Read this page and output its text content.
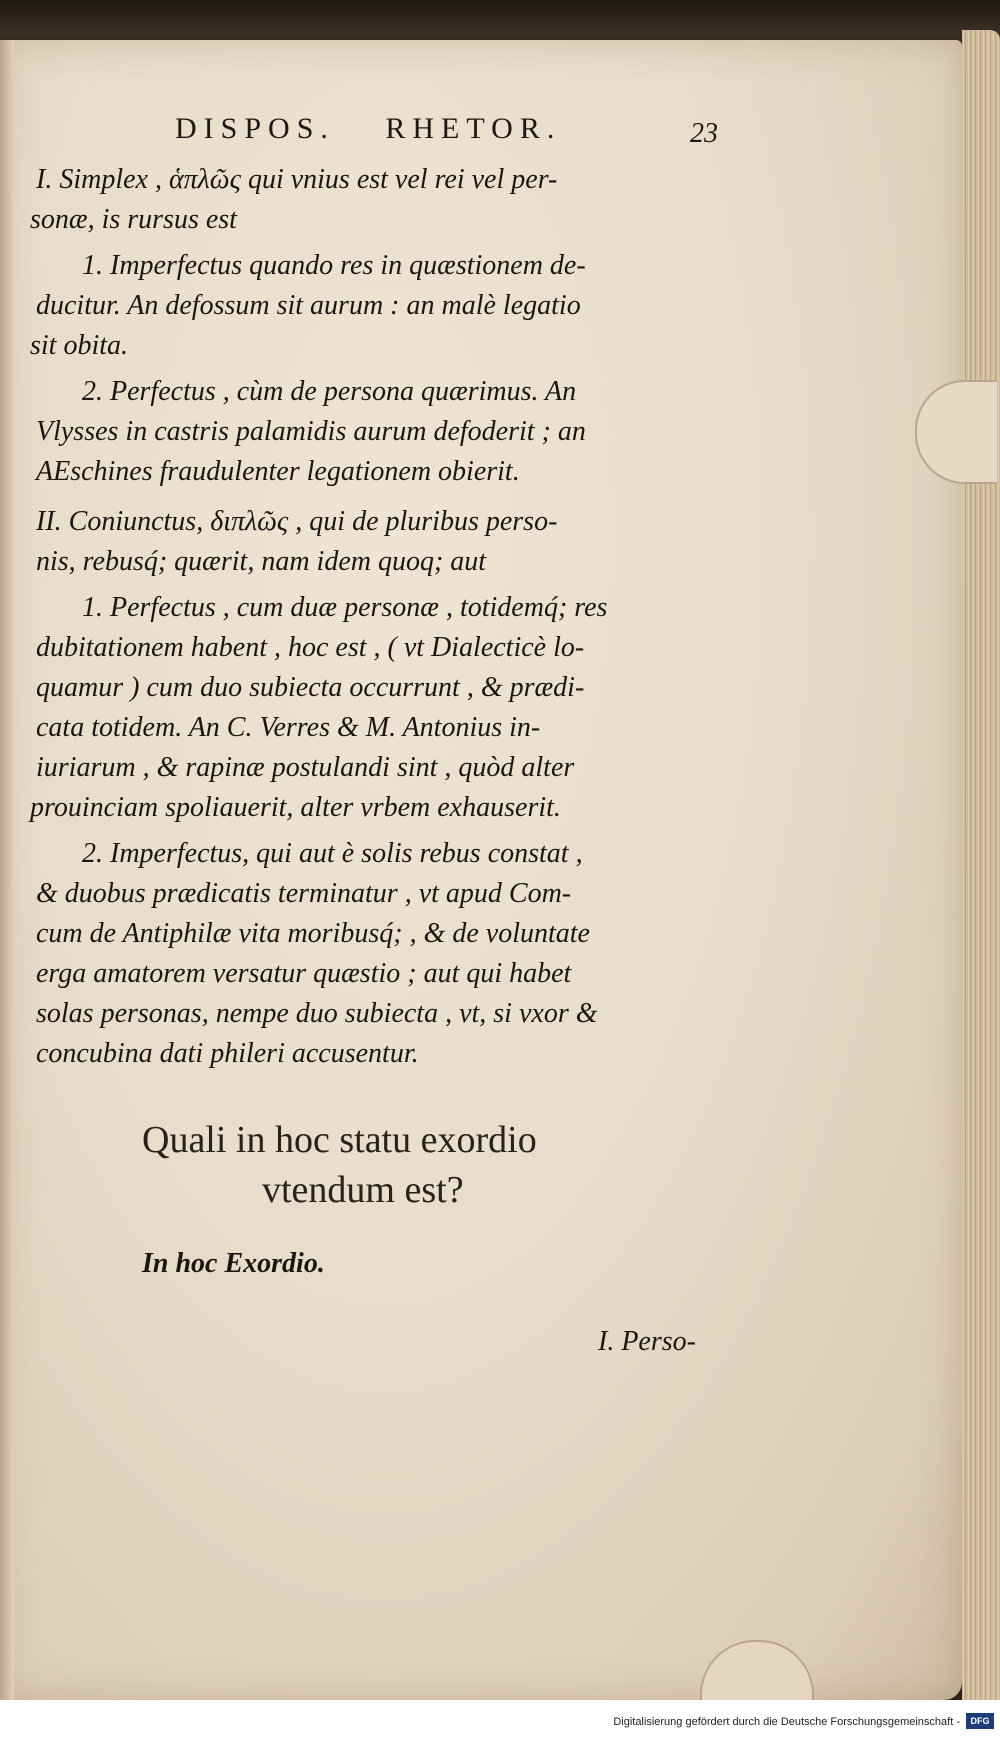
DISPOS. RHETOR.	23
I. Simplex , ἁπλῶς qui vnius est vel rei vel per-
sonæ, is rursus est
1. Imperfectus quando res in quæstionem de-
ducitur. An defossum sit aurum : an malè legatio
sit obita.
2. Perfectus , cùm de persona quærimus. An
Vlysses in castris palamidis aurum defoderit ; an
AEschines fraudulenter legationem obierit.
II. Coniunctus, διπλῶς , qui de pluribus perso-
nis, rebusq́; quærit, nam idem quoq; aut
1. Perfectus , cum duæ personæ , totidemq́; res
dubitationem habent , hoc est , ( vt Dialecticè lo-
quamur ) cum duo subiecta occurrunt , & prædi-
cata totidem. An C. Verres & M. Antonius in-
iuriarum , & rapinæ postulandi sint , quòd alter
prouinciam spoliauerit, alter vrbem exhauserit.
2. Imperfectus, qui aut è solis rebus constat ,
& duobus prædicatis terminatur , vt apud Com-
cum de Antiphilæ vita moribusq́; , & de voluntate
erga amatorem versatur quæstio ; aut qui habet
solas personas, nempe duo subiecta , vt, si vxor &
concubina dati phileri accusentur.
Quali in hoc statu exordio
vtendum est?
In hoc Exordio.
I. Perso-
Digitalisierung gefördert durch die Deutsche Forschungsgemeinschaft -	DFG
